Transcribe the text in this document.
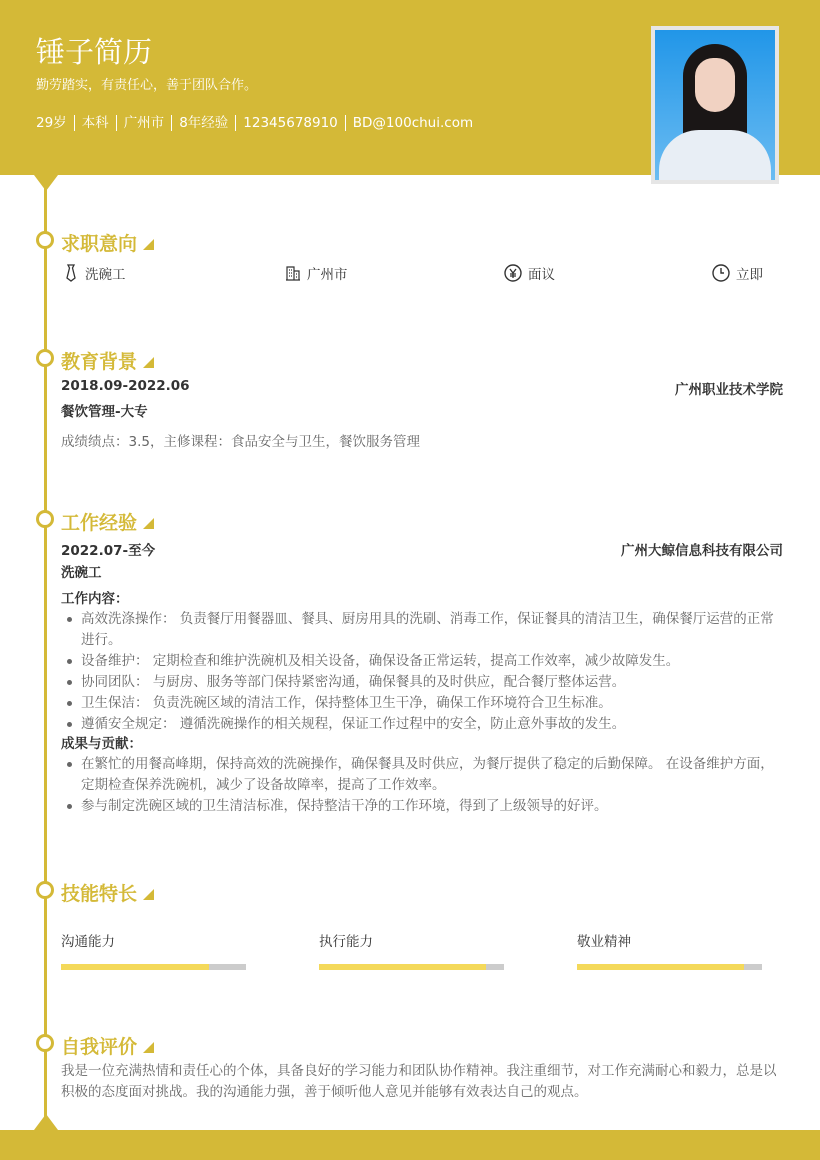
锤子简历
勤劳踏实，有责任心，善于团队合作。
29岁	本科	广州市	8年经验	12345678910	BD@100chui.com
求职意向
洗碗工	广州市	面议	立即
教育背景
2018.09-2022.06	广州职业技术学院
餐饮管理-大专
成绩绩点：3.5，主修课程：食品安全与卫生，餐饮服务管理
工作经验
2022.07-至今	广州大鲸信息科技有限公司
洗碗工
工作内容：
高效洗涤操作： 负责餐厅用餐器皿、餐具、厨房用具的洗刷、消毒工作，保证餐具的清洁卫生，确保餐厅运营的正常进行。
设备维护： 定期检查和维护洗碗机及相关设备，确保设备正常运转，提高工作效率，减少故障发生。
协同团队： 与厨房、服务等部门保持紧密沟通，确保餐具的及时供应，配合餐厅整体运营。
卫生保洁： 负责洗碗区域的清洁工作，保持整体卫生干净，确保工作环境符合卫生标准。
遵循安全规定： 遵循洗碗操作的相关规程，保证工作过程中的安全，防止意外事故的发生。
成果与贡献：
在繁忙的用餐高峰期，保持高效的洗碗操作，确保餐具及时供应，为餐厅提供了稳定的后勤保障。 在设备维护方面，定期检查保养洗碗机，减少了设备故障率，提高了工作效率。
参与制定洗碗区域的卫生清洁标准，保持整洁干净的工作环境，得到了上级领导的好评。
技能特长
沟通能力	执行能力	敬业精神
自我评价
我是一位充满热情和责任心的个体，具备良好的学习能力和团队协作精神。我注重细节，对工作充满耐心和毅力，总是以积极的态度面对挑战。我的沟通能力强，善于倾听他人意见并能够有效表达自己的观点。
